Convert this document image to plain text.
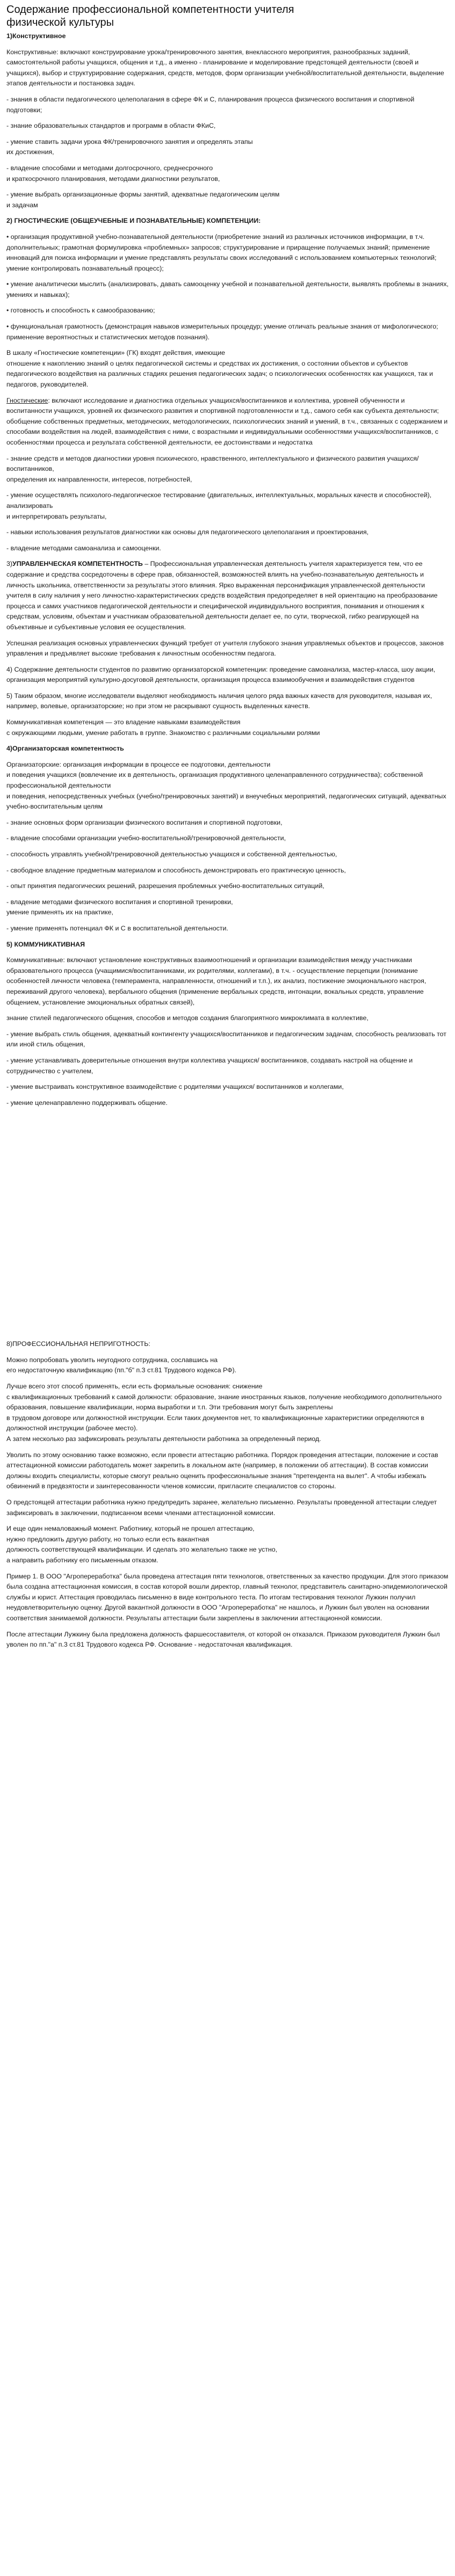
Содержание профессиональной компетентности учителя физической культуры

1)Конструктивное

Конструктивные: включают конструирование урока/тренировочного занятия, внеклассного мероприятия, разнообразных заданий, самостоятельной работы учащихся, общения и т.д., а именно - планирование и моделирование предстоящей деятельности (своей и учащихся), выбор и структурирование содержания, средств, методов, форм организации учебной/воспитательной деятельности, выделение этапов деятельности и постановка задач.

- знания в области педагогического целеполагания в сфере ФК и С, планирования процесса физического воспитания и спортивной подготовки;

- знание образовательных стандартов и программ в области ФКиС,

- умение ставить задачи урока ФК/тренировочного занятия и определять этапы
их достижения,

- владение способами и методами долгосрочного, среднесрочного
и краткосрочного планирования, методами диагностики результатов,

- умение выбрать организационные формы занятий, адекватные педагогическим целям
и задачам

2) ГНОСТИЧЕСКИЕ (ОБЩЕУЧЕБНЫЕ И ПОЗНАВАТЕЛЬНЫЕ) КОМПЕТЕНЦИИ:

• организация продуктивной учебно-познавательной деятельности (приобретение знаний из различных источников информации, в т.ч. дополнительных; грамотная формулировка «проблемных» запросов; структурирование и приращение получаемых знаний; применение инноваций для поиска информации и умение представлять результаты своих исследований с использованием компьютерных технологий; умение контролировать познавательный процесс);

• умение аналитически мыслить (анализировать, давать самооценку учебной и познавательной деятельности, выявлять проблемы в знаниях, умениях и навыках);

• готовность и способность к самообразованию;

• функциональная грамотность (демонстрация навыков измерительных процедур; умение отличать реальные знания от мифологического; применение вероятностных и статистических методов познания).

В шкалу «Гностические компетенции» (ГК) входят действия, имеющие
отношение к накоплению знаний о целях педагогической системы и средствах их достижения, о состоянии объектов и субъектов педагогического воздействия на различных стадиях решения педагогических задач; о психологических особенностях как учащихся, так и педагогов, руководителей.

Гностические: включают исследование и диагностика отдельных учащихся/воспитанников и коллектива, уровней обученности и воспитанности учащихся, уровней их физического развития и спортивной подготовленности и т.д., самого себя как субъекта деятельности; обобщение собственных предметных, методических, методологических, психологических знаний и умений, в т.ч., связанных с содержанием и способами воздействия на людей, взаимодействия с ними, с возрастными и индивидуальными особенностями учащихся/воспитанников, с особенностями процесса и результата собственной деятельности, ее достоинствами и недостатка

- знание средств и методов диагностики уровня психического, нравственного, интеллектуального и физического развития учащихся/воспитанников,
определения их направленности, интересов, потребностей,

- умение осуществлять психолого-педагогическое тестирование (двигательных, интеллектуальных, моральных качеств и способностей), анализировать
и интерпретировать результаты,

- навыки использования результатов диагностики как основы для педагогического целеполагания и проектирования,

- владение методами самоанализа и самооценки.

3)УПРАВЛЕНЧЕСКАЯ КОМПЕТЕНТНОСТЬ – Профессиональная управленческая деятельность учителя характеризуется тем, что ее содержание и средства сосредоточены в сфере прав, обязанностей, возможностей влиять на учебно-познавательную деятельность и личность школьника, ответственности за результаты этого влияния. Ярко выраженная персонификация управленческой деятельности учителя в силу наличия у него личностно-характеристических средств воздействия предопределяет в ней ориентацию на преобразование процесса и самих участников педагогической деятельности и специфической индивидуального восприятия, понимания и отношения к средствам, условиям, объектам и участникам образовательной деятельности делает ее, по сути, творческой, гибко реагирующей на объективные и субъективные условия ее осуществления.

Успешная реализация основных управленческих функций требует от учителя глубокого знания управляемых объектов и процессов, законов управления и предъявляет высокие требования к личностным особенностям педагога.

4) Содержание деятельности студентов по развитию организаторской компетенции: проведение самоанализа, мастер-класса, шоу акции, организация мероприятий культурно-досуговой деятельности, организация процесса взаимообучения и взаимодействия студентов

5) Таким образом, многие исследователи выделяют необходимость наличия целого ряда важных качеств для руководителя, называя их, например, волевые, организаторские; но при этом не раскрывают сущность выделенных качеств.

Коммуникативная компетенция — это владение навыками взаимодействия
с окружающими людьми, умение работать в группе. Знакомство с различными социальными ролями

4)Организаторская компетентность

Организаторские: организация информации в процессе ее подготовки, деятельности
и поведения учащихся (вовлечение их в деятельность, организация продуктивного целенаправленного сотрудничества); собственной профессиональной деятельности
и поведения, непосредственных учебных (учебно/тренировочных занятий) и внеучебных мероприятий, педагогических ситуаций, адекватных учебно-воспитательным целям

- знание основных форм организации физического воспитания и спортивной подготовки,

- владение способами организации учебно-воспитательной/тренировочной деятельности,

- способность управлять учебной/тренировочной деятельностью учащихся и собственной деятельностью,

- свободное владение предметным материалом и способность демонстрировать его практическую ценность,

- опыт принятия педагогических решений, разрешения проблемных учебно-воспитательных ситуаций,

- владение методами физического воспитания и спортивной тренировки,
умение применять их на практике,

- умение применять потенциал ФК и С в воспитательной деятельности.

5) КОММУНИКАТИВНАЯ

Коммуникативные: включают установление конструктивных взаимоотношений и организации взаимодействия между участниками образовательного процесса (учащимися/воспитанниками, их родителями, коллегами), в т.ч. - осуществление перцепции (понимание особенностей личности человека (темперамента, направленности, отношений и т.п.), их анализ, постижение эмоционального настроя, переживаний другого человека), вербального общения (применение вербальных средств, интонации, вокальных средств, управление общением, установление эмоциональных обратных связей),

знание стилей педагогического общения, способов и методов создания благоприятного микроклимата в коллективе,

- умение выбрать стиль общения, адекватный контингенту учащихся/воспитанников и педагогическим задачам, способность реализовать тот или иной стиль общения,

- умение устанавливать доверительные отношения внутри коллектива учащихся/ воспитанников, создавать настрой на общение и сотрудничество с учителем,

- умение выстраивать конструктивное взаимодействие с родителями учащихся/ воспитанников и коллегами,

- умение целенаправленно поддерживать общение.

8)ПРОФЕССИОНАЛЬНАЯ НЕПРИГОТНОСТЬ:

Можно попробовать уволить неугодного сотрудника, сославшись на
его недостаточную квалификацию (пп."б" п.3 ст.81 Трудового кодекса РФ).

Лучше всего этот способ применять, если есть формальные основания: снижение
с квалификационных требований к самой должности: образование, знание иностранных языков, получение необходимого дополнительного образования, повышение квалификации, норма выработки и т.п. Эти требования могут быть закреплены
в трудовом договоре или должностной инструкции. Если таких документов нет, то квалификационные характеристики определяются в должностной инструкции (рабочее место).
А затем несколько раз зафиксировать результаты деятельности работника за определенный период.

Уволить по этому основанию также возможно, если провести аттестацию работника. Порядок проведения аттестации, положение и состав аттестационной комиссии работодатель может закрепить в локальном акте (например, в положении об аттестации). В состав комиссии должны входить специалисты, которые смогут реально оценить профессиональные знания "претендента на вылет". А чтобы избежать обвинений в предвзятости и заинтересованности членов комиссии, пригласите специалистов со стороны.

О предстоящей аттестации работника нужно предупредить заранее, желательно письменно. Результаты проведенной аттестации следует зафиксировать в заключении, подписанном всеми членами аттестационной комиссии.

И еще один немаловажный момент. Работнику, который не прошел аттестацию,
нужно предложить другую работу, но только если есть вакантная
должность соответствующей квалификации. И сделать это желательно также не устно,
а направить работнику его письменным отказом.

Пример 1. В ООО "Агропереработка" была проведена аттестация пяти технологов, ответственных за качество продукции. Для этого приказом была создана аттестационная комиссия, в состав которой вошли директор, главный технолог, представитель санитарно-эпидемиологической службы и юрист. Аттестация проводилась письменно в виде контрольного теста. По итогам тестирования технолог Лужкин получил неудовлетворительную оценку. Другой вакантной должности в ООО "Агропереработка" не нашлось, и Лужкин был уволен на основании соответствия занимаемой должности. Результаты аттестации были закреплены в заключении аттестационной комиссии.

После аттестации Лужкину была предложена должность фаршесоставителя, от которой он отказался. Приказом руководителя Лужкин был уволен по пп."а" п.3 ст.81 Трудового кодекса РФ. Основание - недостаточная квалификация.
